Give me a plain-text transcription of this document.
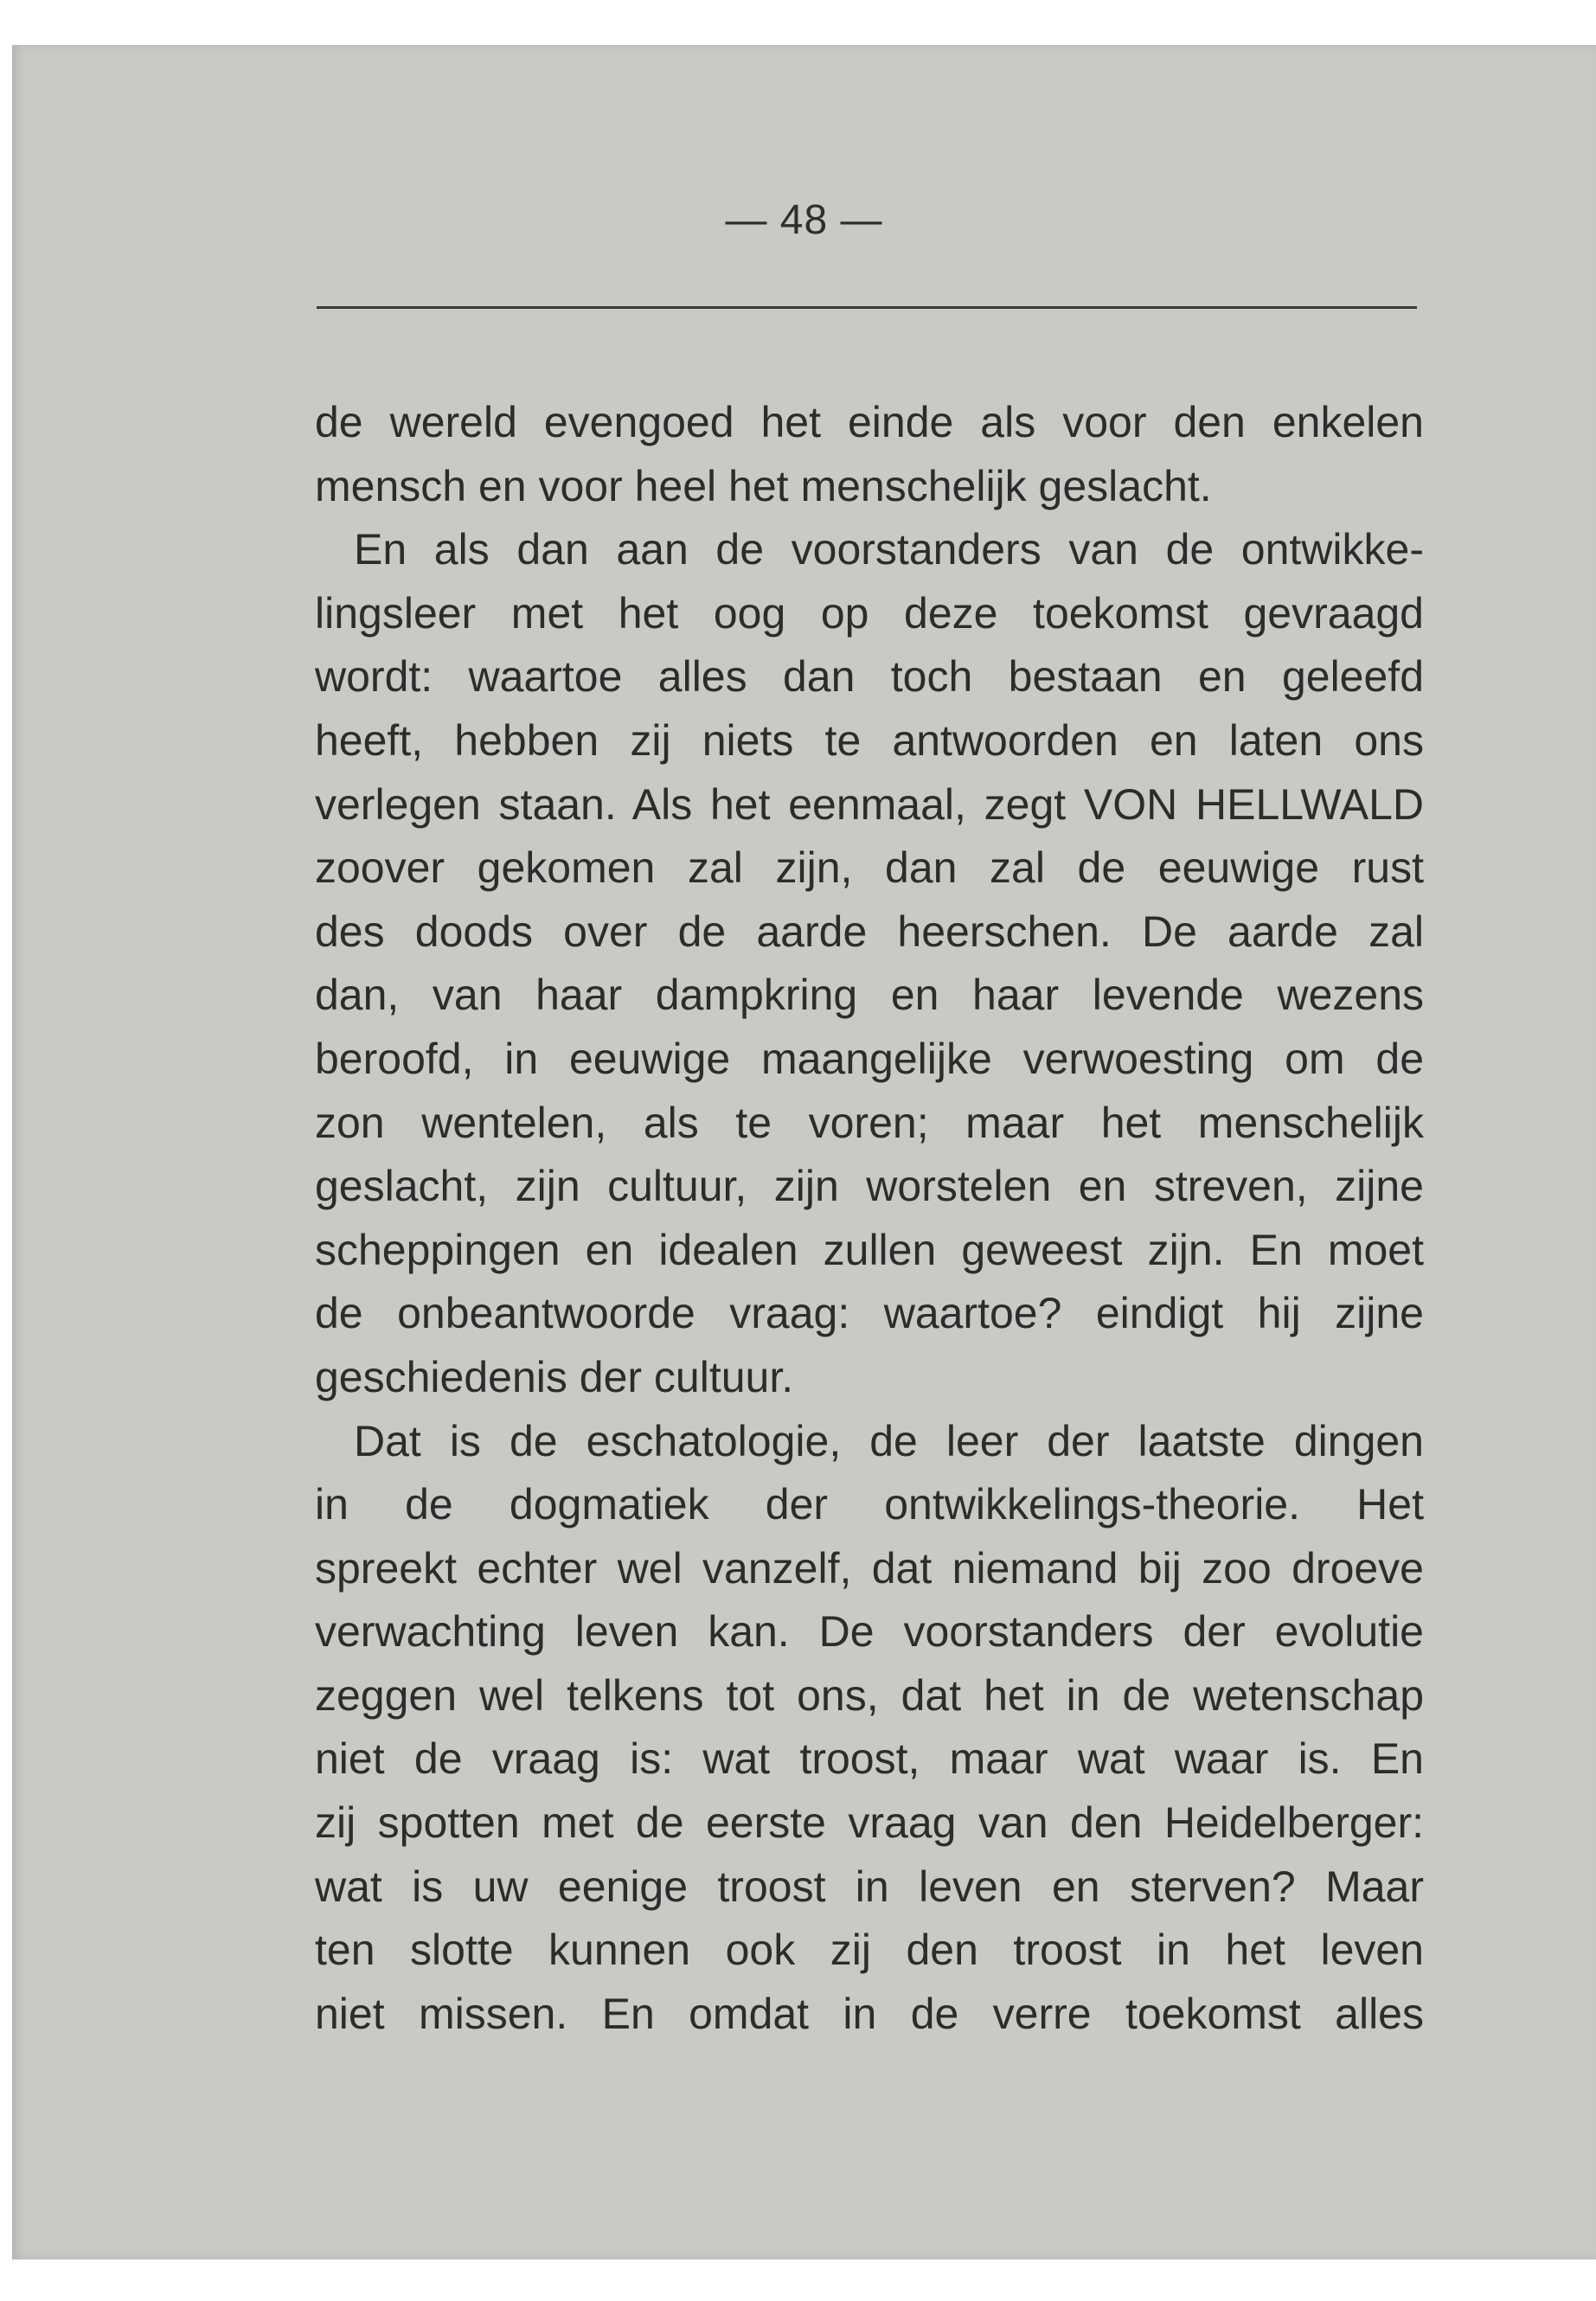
— 48 —
de wereld evengoed het einde als voor den enkelen
mensch en voor heel het menschelijk geslacht.
En als dan aan de voorstanders van de ontwikke-
lingsleer met het oog op deze toekomst gevraagd
wordt: waartoe alles dan toch bestaan en geleefd
heeft, hebben zij niets te antwoorden en laten ons
verlegen staan. Als het eenmaal, zegt VON HELLWALD
zoover gekomen zal zijn, dan zal de eeuwige rust
des doods over de aarde heerschen. De aarde zal
dan, van haar dampkring en haar levende wezens
beroofd, in eeuwige maangelijke verwoesting om de
zon wentelen, als te voren; maar het menschelijk
geslacht, zijn cultuur, zijn worstelen en streven, zijne
scheppingen en idealen zullen geweest zijn. En moet
de onbeantwoorde vraag: waartoe? eindigt hij zijne
geschiedenis der cultuur.
Dat is de eschatologie, de leer der laatste dingen
in de dogmatiek der ontwikkelings-theorie. Het
spreekt echter wel vanzelf, dat niemand bij zoo droeve
verwachting leven kan. De voorstanders der evolutie
zeggen wel telkens tot ons, dat het in de wetenschap
niet de vraag is: wat troost, maar wat waar is. En
zij spotten met de eerste vraag van den Heidelberger:
wat is uw eenige troost in leven en sterven? Maar
ten slotte kunnen ook zij den troost in het leven
niet missen. En omdat in de verre toekomst alles
